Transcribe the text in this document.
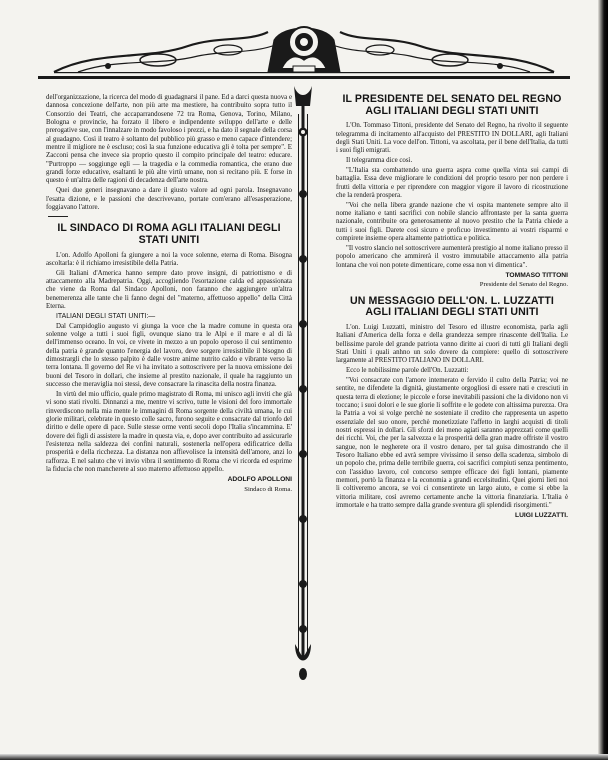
dell'organizzazione, la ricerca del modo di guadagnarsi il pane. Ed a darci questa nuova e dannosa concezione dell'arte, non più arte ma mestiere, ha contribuito sopra tutto il Consorzio dei Teatri, che accaparrandosene 72 tra Roma, Genova, Torino, Milano, Bologna e provincie, ha forzato il libero e indipendente sviluppo dell'arte e delle prerogative sue, con l'innalzare in modo favoloso i prezzi, e ha dato il segnale della corsa al guadagno. Così il teatro è soltanto del pubblico più grasso e meno capace d'intendere; mentre il migliore ne è escluso; così la sua funzione educativa gli è tolta per sempre". E Zacconi pensa che invece sia proprio questo il compito principale del teatro: educare. "Purtroppo — soggiunge egli — la tragedia e la commedia romantica, che erano due grandi forze educative, esaltanti le più alte virtù umane, non si recitano più. E forse in questo è un'altra delle ragioni di decadenza dell'arte nostra.

Quei due generi insegnavano a dare il giusto valore ad ogni parola. Insegnavano l'esatta dizione, e le passioni che descrivevano, portate com'erano all'esasperazione, foggiavano l'attore.

IL SINDACO DI ROMA AGLI ITALIANI DEGLI STATI UNITI

L'on. Adolfo Apolloni fa giungere a noi la voce solenne, eterna di Roma. Bisogna ascoltarla: è il richiamo irresistibile della Patria.

Gli Italiani d'America hanno sempre dato prove insigni, di patriottismo e di attaccamento alla Madrepatria. Oggi, accogliendo l'esortazione calda ed appassionata che viene da Roma dal Sindaco Apolloni, non faranno che aggiungere un'altra benemerenza alle tante che li fanno degni del "materno, affettuoso appello" della Città Eterna.

ITALIANI DEGLI STATI UNITI:—

Dal Campidoglio augusto vi giunga la voce che la madre comune in questa ora solenne volge a tutti i suoi figli, ovunque siano tra le Alpi e il mare e al di là dell'immenso oceano. In voi, ce vivete in mezzo a un popolo operoso il cui sentimento della patria è grande quanto l'energia del lavoro, deve sorgere irresistibile il bisogno di dimostrargli che lo stesso palpito è dalle vostre anime nutrito caldo e vibrante verso la terra lontana. Il governo del Re vi ha invitato a sottoscrivere per la nuova emissione dei buoni del Tesoro in dollari, che insieme al prestito nazionale, il quale ha raggiunto un successo che meraviglia noi stessi, deve consacrare la rinascita della nostra finanza.

In virtù del mio ufficio, quale primo magistrato di Roma, mi unisco agli inviti che già vi sono stati rivolti. Dinnanzi a me, mentre vi scrivo, tutte le visioni del foro immortale rinverdiscono nella mia mente le immagini di Roma sorgente della civiltà umana, le cui glorie militari, celebrate in questo colle sacro, furono seguite e consacrate dal trionfo del diritto e delle opere di pace. Sulle stesse orme venti secoli dopo l'Italia s'incammina. E' dovere dei figli di assistere la madre in questa via, e, dopo aver contribuito ad assicurarle l'esistenza nella saldezza dei confini naturali, sostenerla nell'opera edificatrice della prosperità e della ricchezza. La distanza non affievolisce la intensità dell'amore, anzi lo rafforza. E nel saluto che vi invio vibra il sentimento di Roma che vi ricorda ed esprime la fiducia che non mancherete al suo materno affettuoso appello.

ADOLFO APOLLONI

Sindaco di Roma.

IL PRESIDENTE DEL SENATO DEL REGNO AGLI ITALIANI DEGLI STATI UNITI

L'On. Tommaso Tittoni, presidente del Senato del Regno, ha rivolto il seguente telegramma di incitamento all'acquisto del PRESTITO IN DOLLARI, agli Italiani degli Stati Uniti. La voce dell'on. Tittoni, va ascoltata, per il bene dell'Italia, da tutti i suoi figli emigrati.

Il telegramma dice così.

"L'Italia sta combattendo una guerra aspra come quella vinta sui campi di battaglia. Essa deve migliorare le condizioni del proprio tesoro per non perdere i frutti della vittoria e per riprendere con maggior vigore il lavoro di ricostruzione che la renderà prospera.

"Voi che nella libera grande nazione che vi ospita mantenete sempre alto il nome italiano e tanti sacrifici con nobile slancio affrontaste per la santa guerra nazionale, contribuite ora generosamente al nuovo prestito che la Patria chiede a tutti i suoi figli. Darete così sicuro e proficuo investimento ai vostri risparmi e compirete insieme opera altamente patriottica e politica.

"Il vostro slancio nel sottoscrivere aumenterà prestigio al nome italiano presso il popolo americano che ammirerà il vostro immutabile attaccamento alla patria lontana che voi non potete dimenticare, come essa non vi dimentica".

TOMMASO TITTONI

Presidente del Senato del Regno.

UN MESSAGGIO DELL'ON. L. LUZZATTI AGLI ITALIANI DEGLI STATI UNITI

L'on. Luigi Luzzatti, ministro del Tesoro ed illustre economista, parla agli Italiani d'America della forza e della grandezza sempre rinascente dell'Italia. Le bellissime parole del grande patriota vanno diritte ai cuori di tutti gli Italiani degli Stati Uniti i quali anhno un solo dovere da compiere: quello di sottoscrivere largamente al PRESTITO ITALIANO IN DOLLARI.

Ecco le nobilissime parole dell'On. Luzzatti:

"Voi consacrate con l'amore intemerato e fervido il culto della Patria; voi ne sentite, ne difendete la dignità, giustamente orgogliosi di essere nati e cresciuti in questa terra di elezione; le piccole e forse inevitabili passioni che la dividono non vi toccano; i suoi dolori e le sue glorie li soffrite e le godete con altissima purezza. Ora la Patria a voi si volge perchè ne sosteniate il credito che rappresenta un aspetto essenziale del suo onore, perchè monetizziate l'affetto in larghi acquisti di titoli nostri espressi in dollari. Gli sforzi dei meno agiati saranno apprezzati come quelli dei ricchi. Voi, che per la salvezza e la prosperità della gran madre offriste il vostro sangue, non le negherete ora il vostro denaro, per tal guisa dimostrando che il Tesoro Italiano ebbe ed avrà sempre vivissimo il senso della scadenza, simbolo di un popolo che, prima delle terribile guerra, coi sacrifici compiuti senza pentimento, con l'assiduo lavoro, col concorso sempre efficace dei figli lontani, piamente memori, portò la finanza e la economia a grandi eccelsitudini. Quei giorni lieti noi li coltiveremo ancora, se voi ci consentirete un largo aiuto, e come si ebbe la vittoria militare, così avremo certamente anche la vittoria finanziaria. L'Italia è immortale e ha tratto sempre dalla grande sventura gli splendidi risorgimenti."

LUIGI LUZZATTI.
